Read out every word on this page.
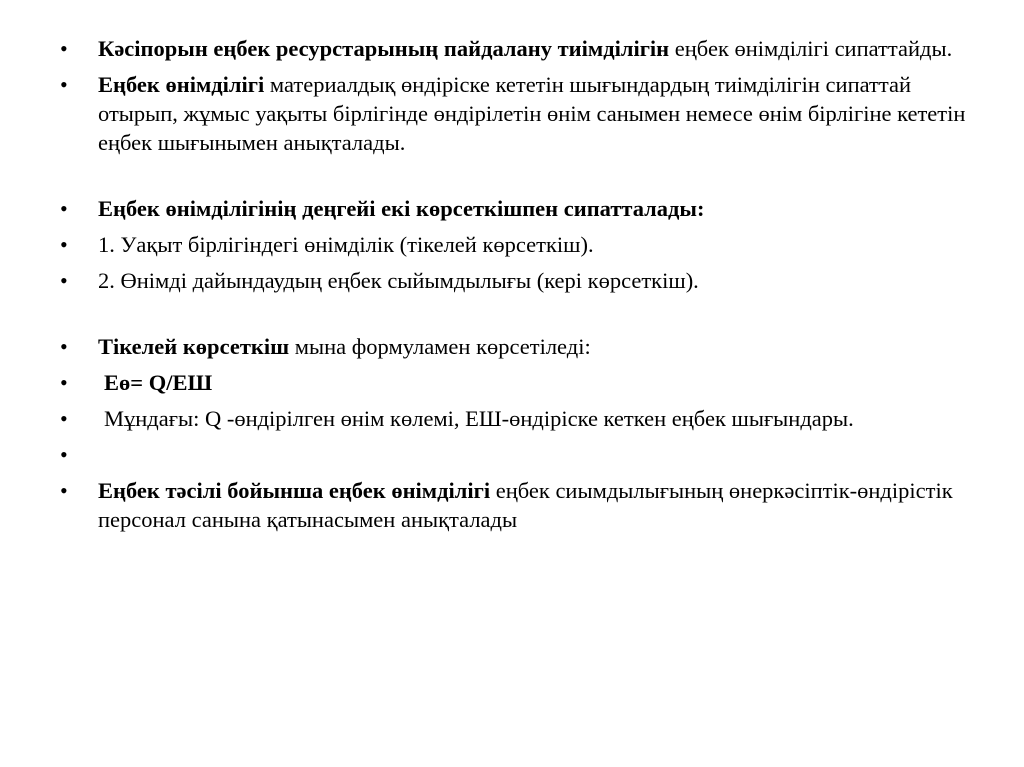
•	Кәсіпорын еңбек ресурстарының пайдалану тиімділігін еңбек өнімділігі сипаттайды.
•	Еңбек өнімділігі материалдық өндіріске кететін шығындардың тиімділігін сипаттай отырып, жұмыс уақыты бірлігінде өндірілетін өнім санымен немесе өнім бірлігіне кететін еңбек шығынымен анықталады.
•	Еңбек өнімділігінің деңгейі екі көрсеткішпен сипатталады:
•	1. Уақыт бірлігіндегі өнімділік (тікелей көрсеткіш).
•	2. Өнімді дайындаудың еңбек сыйымдылығы (кері көрсеткіш).
•	Тікелей көрсеткіш мына формуламен көрсетіледі:
•	Еө= Q/ЕШ
•	Мұндағы: Q -өндірілген өнім көлемі, ЕШ-өндіріске кеткен еңбек шығындары.
•
•	Еңбек тәсілі бойынша еңбек өнімділігі еңбек сиымдылығының өнеркәсіптік-өндірістік персонал санына қатынасымен анықталады
